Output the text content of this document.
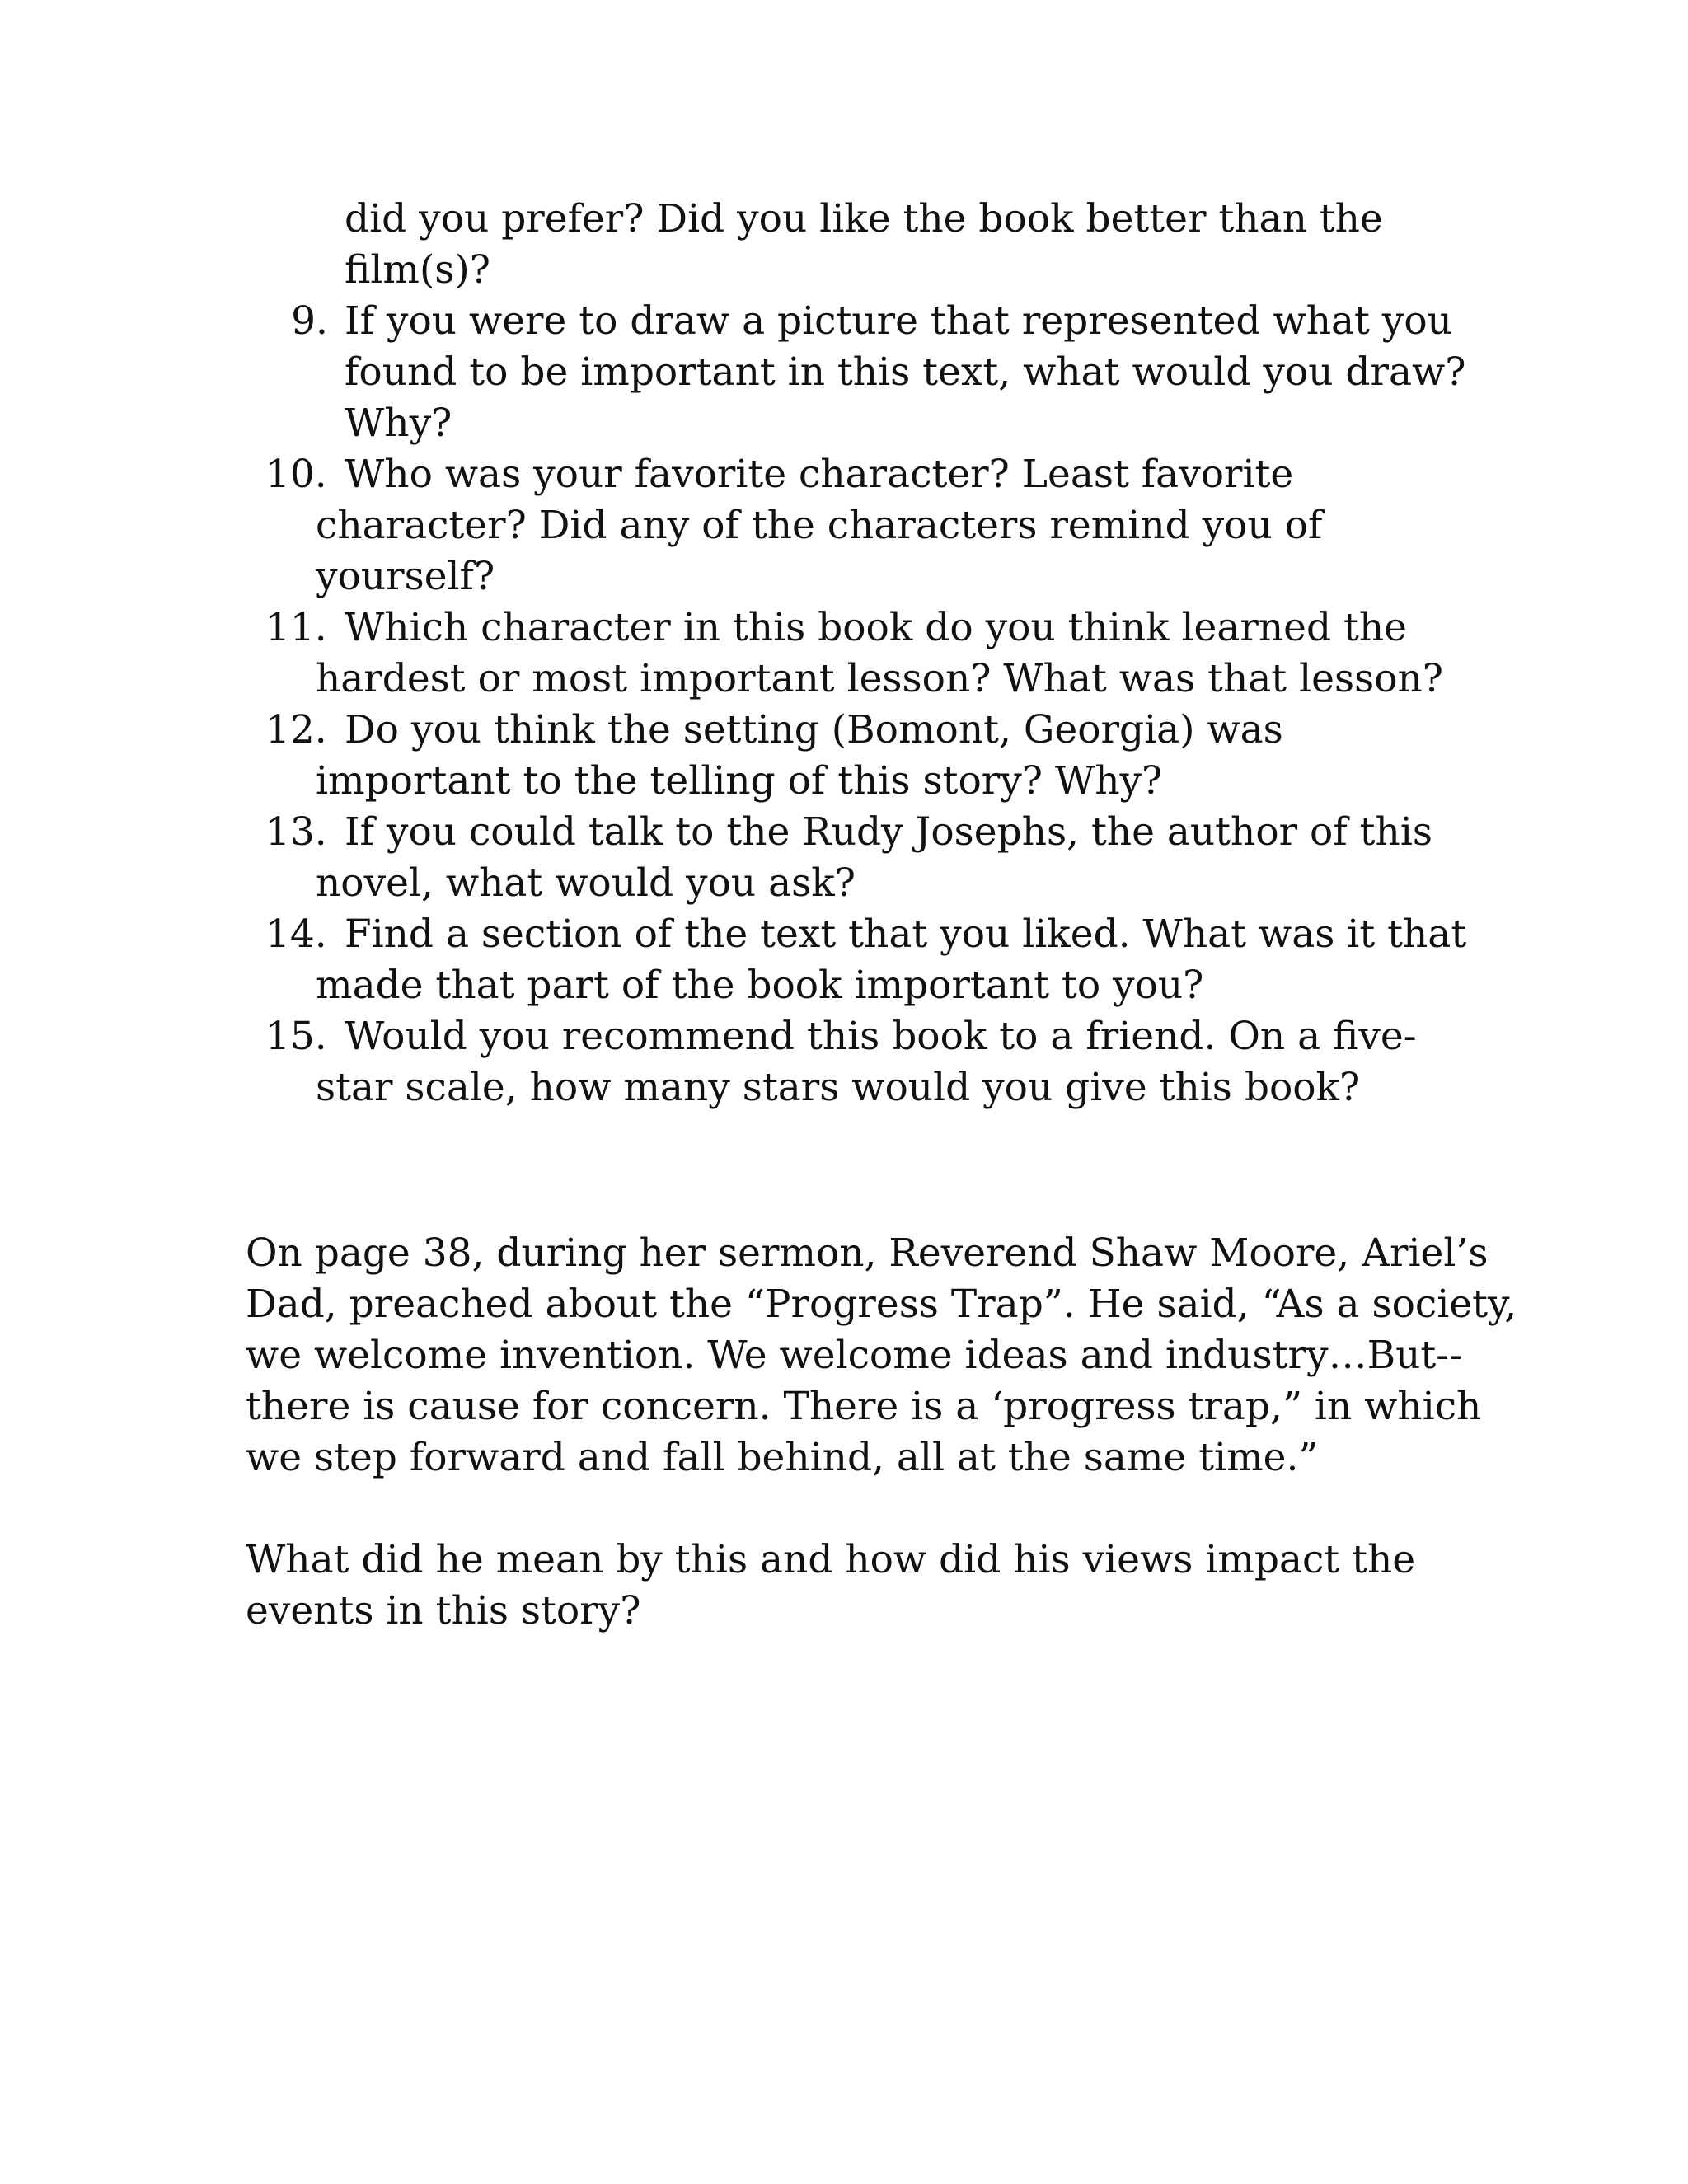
did you prefer? Did you like the book better than the
film(s)?
9. If you were to draw a picture that represented what you
found to be important in this text, what would you draw?
Why?
10. Who was your favorite character? Least favorite
character? Did any of the characters remind you of
yourself?
11. Which character in this book do you think learned the
hardest or most important lesson? What was that lesson?
12. Do you think the setting (Bomont, Georgia) was
important to the telling of this story? Why?
13. If you could talk to the Rudy Josephs, the author of this
novel, what would you ask?
14. Find a section of the text that you liked. What was it that
made that part of the book important to you?
15. Would you recommend this book to a friend. On a five-
star scale, how many stars would you give this book?
On page 38, during her sermon, Reverend Shaw Moore, Ariel’s
Dad, preached about the “Progress Trap”. He said, “As a society,
we welcome invention. We welcome ideas and industry…But--
there is cause for concern. There is a ‘progress trap,” in which
we step forward and fall behind, all at the same time.”
What did he mean by this and how did his views impact the
events in this story?
